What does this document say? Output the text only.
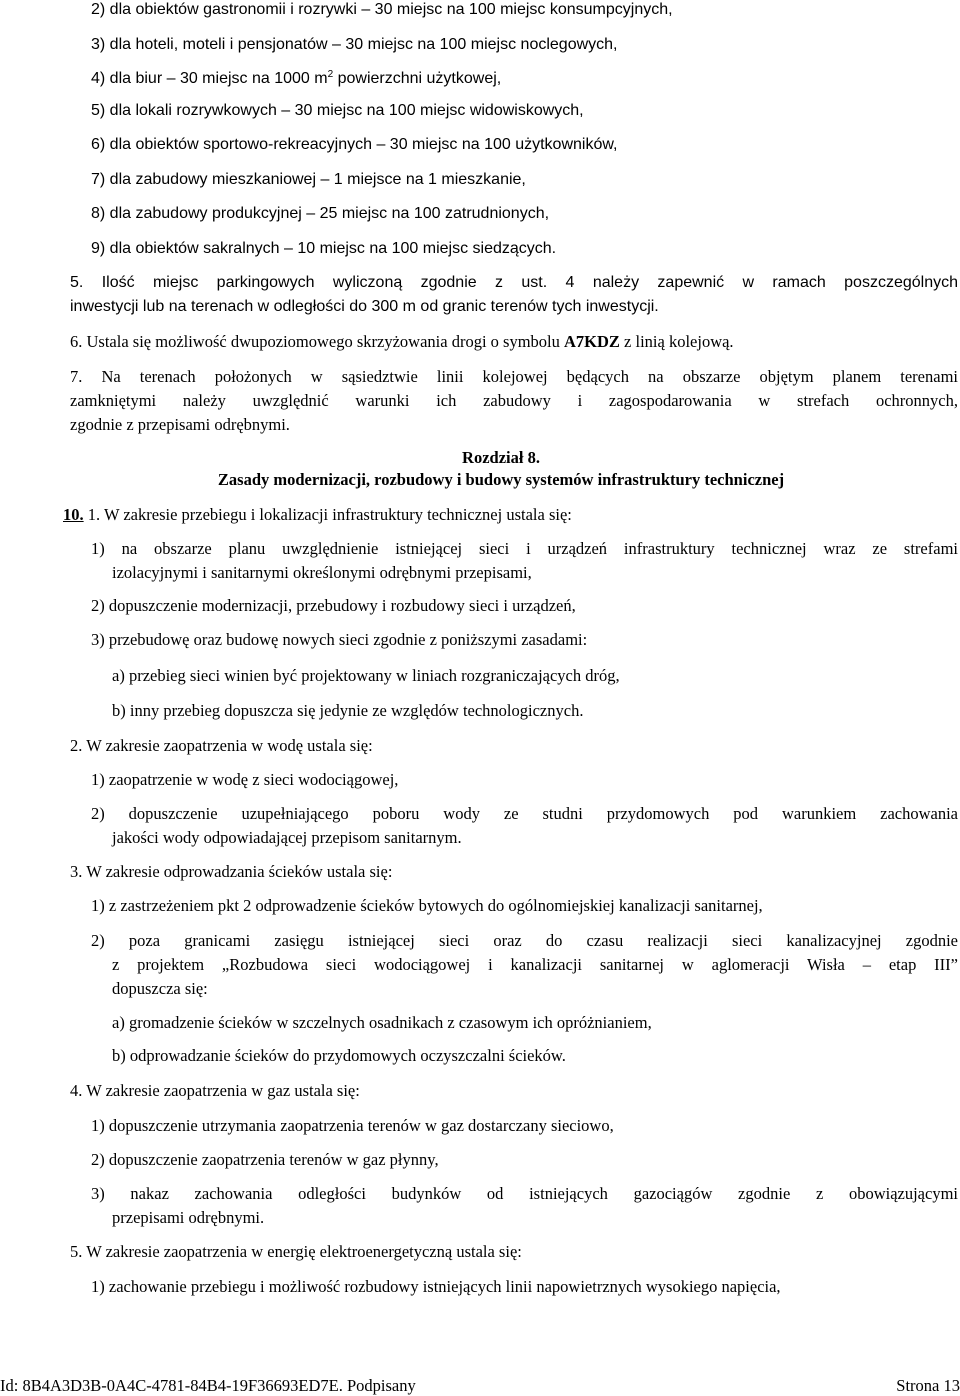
2) dla obiektów gastronomii i rozrywki – 30 miejsc na 100 miejsc konsumpcyjnych,
3) dla hoteli, moteli i pensjonatów – 30 miejsc na 100 miejsc noclegowych,
4) dla biur – 30 miejsc na 1000 $m^2$ powierzchni użytkowej,
5) dla lokali rozrywkowych – 30 miejsc na 100 miejsc widowiskowych,
6) dla obiektów sportowo-rekreacyjnych – 30 miejsc na 100 użytkowników,
7) dla zabudowy mieszkaniowej – 1 miejsce na 1 mieszkanie,
8) dla zabudowy produkcyjnej – 25 miejsc na 100 zatrudnionych,
9) dla obiektów sakralnych – 10 miejsc na 100 miejsc siedzących.
5. Ilość miejsc parkingowych wyliczoną zgodnie z ust. 4 należy zapewnić w ramach poszczególnych
inwestycji lub na terenach w odległości do 300 m od granic terenów tych inwestycji.
6. Ustala się możliwość dwupoziomowego skrzyżowania drogi o symbolu A7KDZ z linią kolejową.
7. Na terenach położonych w sąsiedztwie linii kolejowej będących na obszarze objętym planem terenami
zamkniętymi należy uwzględnić warunki ich zabudowy i zagospodarowania w strefach ochronnych,
zgodnie z przepisami odrębnymi.
Rozdział 8.
Zasady modernizacji, rozbudowy i budowy systemów infrastruktury technicznej
10. 1. W zakresie przebiegu i lokalizacji infrastruktury technicznej ustala się:
1) na obszarze planu uwzględnienie istniejącej sieci i urządzeń infrastruktury technicznej wraz ze strefami
izolacyjnymi i sanitarnymi określonymi odrębnymi przepisami,
2) dopuszczenie modernizacji, przebudowy i rozbudowy sieci i urządzeń,
3) przebudowę oraz budowę nowych sieci zgodnie z poniższymi zasadami:
a) przebieg sieci winien być projektowany w liniach rozgraniczających dróg,
b) inny przebieg dopuszcza się jedynie ze względów technologicznych.
2. W zakresie zaopatrzenia w wodę ustala się:
1) zaopatrzenie w wodę z sieci wodociągowej,
2) dopuszczenie uzupełniającego poboru wody ze studni przydomowych pod warunkiem zachowania
jakości wody odpowiadającej przepisom sanitarnym.
3. W zakresie odprowadzania ścieków ustala się:
1) z zastrzeżeniem pkt 2 odprowadzenie ścieków bytowych do ogólnomiejskiej kanalizacji sanitarnej,
2) poza granicami zasięgu istniejącej sieci oraz do czasu realizacji sieci kanalizacyjnej zgodnie
z projektem „Rozbudowa sieci wodociągowej i kanalizacji sanitarnej w aglomeracji Wisła – etap III”
dopuszcza się:
a) gromadzenie ścieków w szczelnych osadnikach z czasowym ich opróżnianiem,
b) odprowadzanie ścieków do przydomowych oczyszczalni ścieków.
4. W zakresie zaopatrzenia w gaz ustala się:
1) dopuszczenie utrzymania zaopatrzenia terenów w gaz dostarczany sieciowo,
2) dopuszczenie zaopatrzenia terenów w gaz płynny,
3) nakaz zachowania odległości budynków od istniejących gazociągów zgodnie z obowiązującymi
przepisami odrębnymi.
5. W zakresie zaopatrzenia w energię elektroenergetyczną ustala się:
1) zachowanie przebiegu i możliwość rozbudowy istniejących linii napowietrznych wysokiego napięcia,
Id: 8B4A3D3B-0A4C-4781-84B4-19F36693ED7E. Podpisany	Strona 13
